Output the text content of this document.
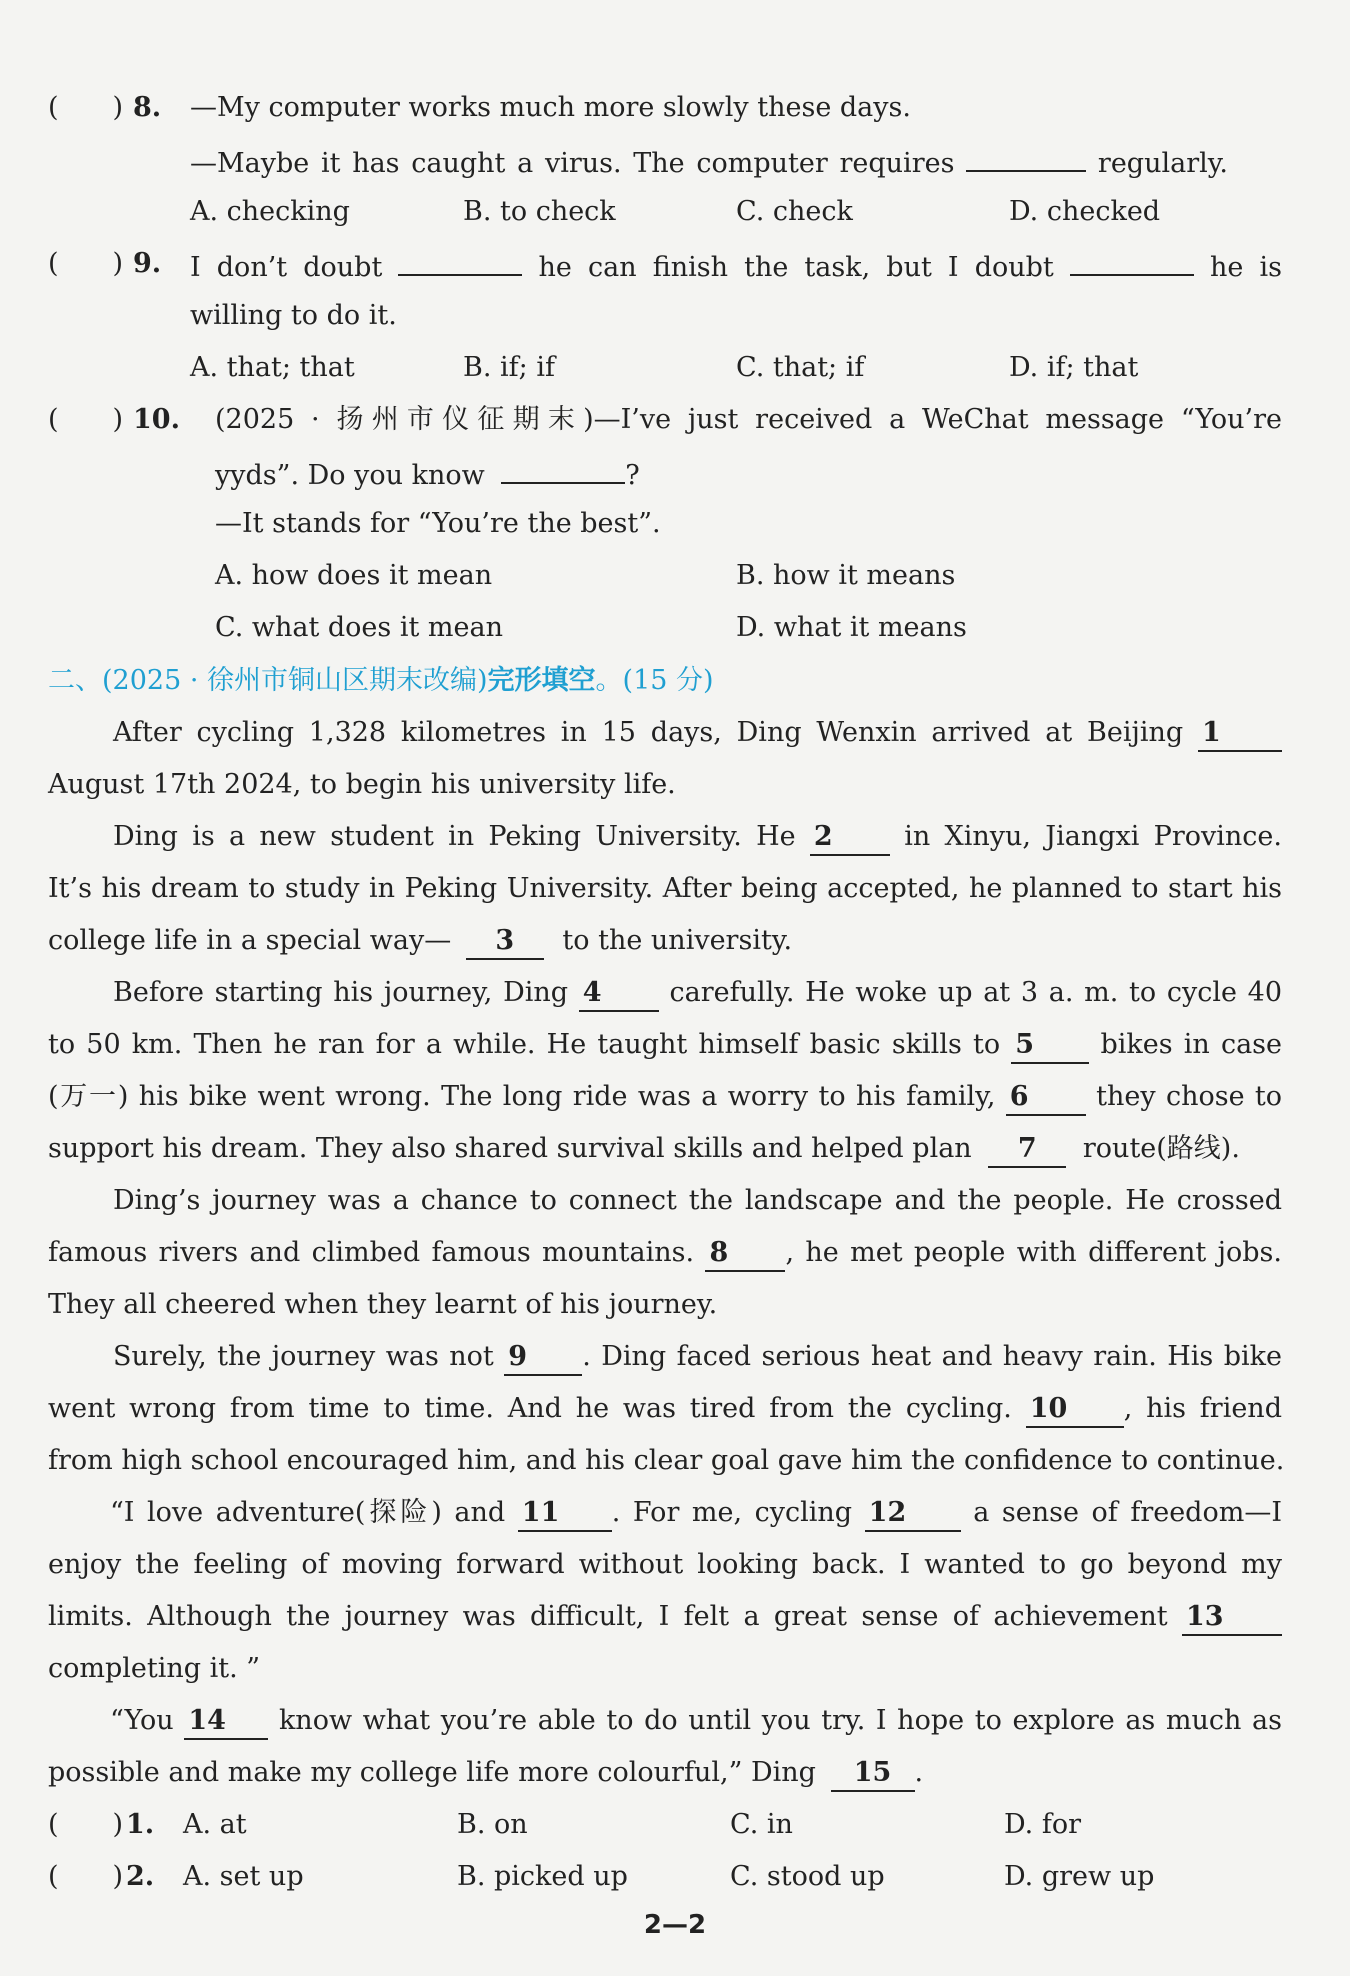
(　　) 8. —My computer works much more slowly these days.
—Maybe it has caught a virus. The computer requires	regularly.
A. checking	B. to check	C. check	D. checked
(　　) 9. I don’t doubt	he can finish the task, but I doubt	he is
willing to do it.
A. that; that	B. if; if	C. that; if	D. if; that
(　　) 10. (2025 · 扬州市仪征期末)—I’ve just received a WeChat message “You’re
yyds”. Do you know	?
—It stands for “You’re the best”.
A. how does it mean	B. how it means
C. what does it mean	D. what it means
二、(2025 · 徐州市铜山区期末改编)完形填空。(15 分)
After cycling 1,328 kilometres in 15 days, Ding Wenxin arrived at Beijing 1
August 17th 2024, to begin his university life.
Ding is a new student in Peking University. He 2	in Xinyu, Jiangxi Province.
It’s his dream to study in Peking University. After being accepted, he planned to start his
college life in a special way— 3 to the university.
Before starting his journey, Ding 4	carefully. He woke up at 3 a. m. to cycle 40
to 50 km. Then he ran for a while. He taught himself basic skills to 5 bikes in case
(万一) his bike went wrong. The long ride was a worry to his family, 6	they chose to
support his dream. They also shared survival skills and helped plan 7 route(路线).
Ding’s journey was a chance to connect the landscape and the people. He crossed
famous rivers and climbed famous mountains. 8 , he met people with different jobs.
They all cheered when they learnt of his journey.
Surely, the journey was not 9 . Ding faced serious heat and heavy rain. His bike
went wrong from time to time. And he was tired from the cycling. 10 , his friend
from high school encouraged him, and his clear goal gave him the confidence to continue.
“I love adventure(探险) and 11 . For me, cycling 12 a sense of freedom—I
enjoy the feeling of moving forward without looking back. I wanted to go beyond my
limits. Although the journey was difficult, I felt a great sense of achievement 13
completing it. ”
“You 14 know what you’re able to do until you try. I hope to explore as much as
possible and make my college life more colourful,” Ding 15 .
(　　) 1. A. at	B. on	C. in	D. for
(　　) 2. A. set up	B. picked up	C. stood up	D. grew up
2—2
